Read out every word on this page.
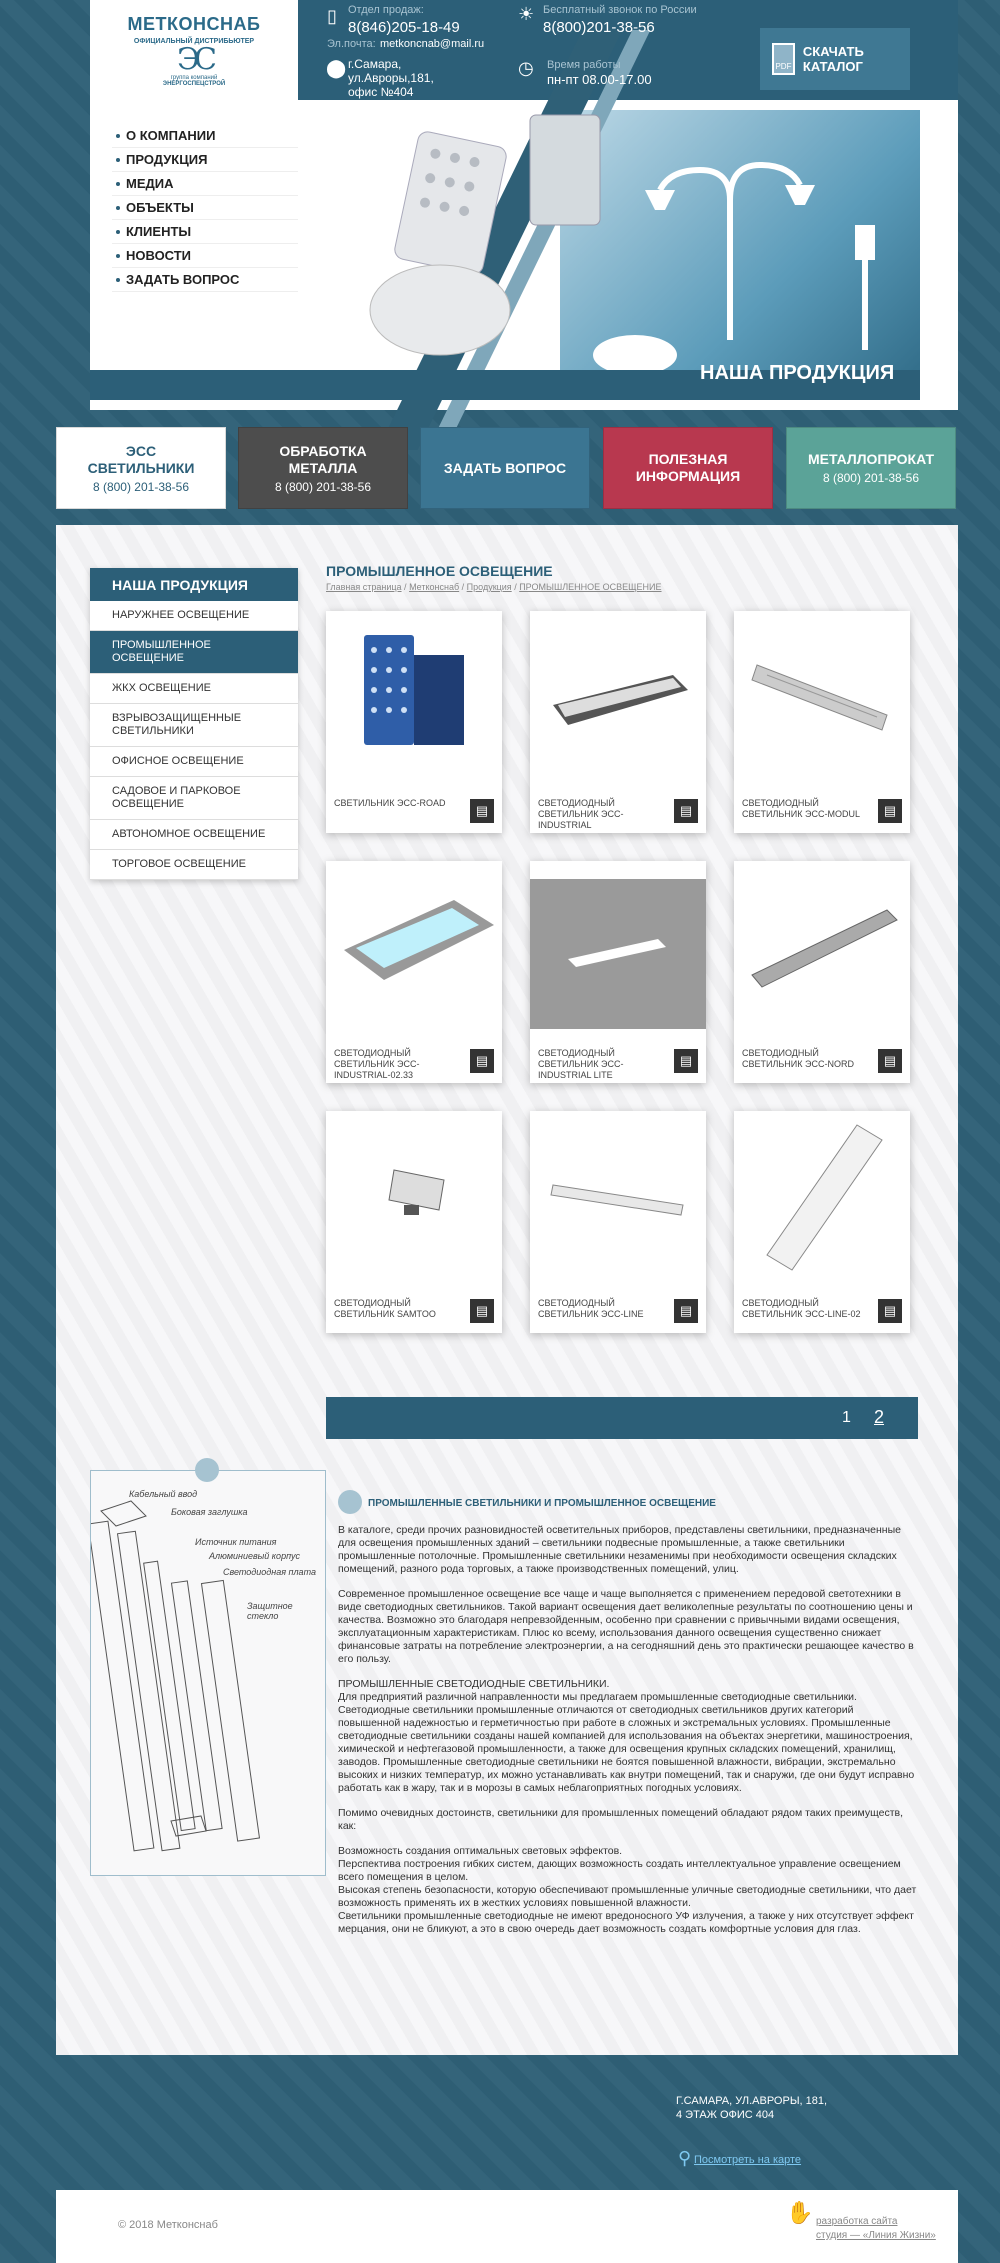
МЕТКОНСНАБ
ОФИЦИАЛЬНЫЙ ДИСТРИБЬЮТЕР
ЭС
группа компаний
ЭНЕРГОСПЕЦСТРОЙ
▯ Отдел продаж:
8(846)205-18-49
Эл.почта: metkoncnab@mail.ru
⬤ г.Самара,
ул.Авроры,181,
офис №404
☀ Бесплатный звонок по России
8(800)201-38-56
◷ Время работы
пн-пт 08.00-17.00
PDF
СКАЧАТЬ КАТАЛОГ
О КОМПАНИИ
ПРОДУКЦИЯ
МЕДИА
ОБЪЕКТЫ
КЛИЕНТЫ
НОВОСТИ
ЗАДАТЬ ВОПРОС
НАША ПРОДУКЦИЯ
ЭСС
СВЕТИЛЬНИКИ
8 (800) 201-38-56
ОБРАБОТКА
МЕТАЛЛА
8 (800) 201-38-56
ЗАДАТЬ ВОПРОС
ПОЛЕЗНАЯ
ИНФОРМАЦИЯ
МЕТАЛЛОПРОКАТ
8 (800) 201-38-56
НАША ПРОДУКЦИЯ
НАРУЖНЕЕ ОСВЕЩЕНИЕ
ПРОМЫШЛЕННОЕ ОСВЕЩЕНИЕ
ЖКХ ОСВЕЩЕНИЕ
ВЗРЫВОЗАЩИЩЕННЫЕ СВЕТИЛЬНИКИ
ОФИСНОЕ ОСВЕЩЕНИЕ
САДОВОЕ И ПАРКОВОЕ ОСВЕЩЕНИЕ
АВТОНОМНОЕ ОСВЕЩЕНИЕ
ТОРГОВОЕ ОСВЕЩЕНИЕ
ПРОМЫШЛЕННОЕ ОСВЕЩЕНИЕ
Главная страница / Метконснаб / Продукция / ПРОМЫШЛЕННОЕ ОСВЕЩЕНИЕ
СВЕТИЛЬНИК ЭСС-ROAD	▤	СВЕТОДИОДНЫЙ СВЕТИЛЬНИК ЭСС-INDUSTRIAL
▤	СВЕТОДИОДНЫЙ СВЕТИЛЬНИК ЭСС-MODUL	▤
СВЕТОДИОДНЫЙ СВЕТИЛЬНИК ЭСС-INDUSTRIAL-02.33
▤	СВЕТОДИОДНЫЙ СВЕТИЛЬНИК ЭСС-INDUSTRIAL LITE
▤	СВЕТОДИОДНЫЙ СВЕТИЛЬНИК ЭСС-NORD	▤
СВЕТОДИОДНЫЙ СВЕТИЛЬНИК SAMTOO	▤	СВЕТОДИОДНЫЙ СВЕТИЛЬНИК ЭСС-LINE	▤	СВЕТОДИОДНЫЙ СВЕТИЛЬНИК ЭСС-LINE-02	▤
1 2
Кабельный ввод
Боковая заглушка
Источник питания
Алюминиевый корпус
Светодиодная плата
Защитное стекло
ПРОМЫШЛЕННЫЕ СВЕТИЛЬНИКИ И ПРОМЫШЛЕННОЕ ОСВЕЩЕНИЕ

В каталоге, среди прочих разновидностей осветительных приборов, представлены светильники, предназначенные для освещения промышленных зданий – светильники подвесные промышленные, а также светильники промышленные потолочные. Промышленные светильники незаменимы при необходимости освещения складских помещений, разного рода торговых, а также производственных помещений, улиц.

Современное промышленное освещение все чаще и чаще выполняется с применением передовой светотехники в виде светодиодных светильников. Такой вариант освещения дает великолепные результаты по соотношению цены и качества. Возможно это благодаря непревзойденным, особенно при сравнении с привычными видами освещения, эксплуатационным характеристикам. Плюс ко всему, использования данного освещения существенно снижает финансовые затраты на потребление электроэнергии, а на сегодняшний день это практически решающее качество в его пользу.

ПРОМЫШЛЕННЫЕ СВЕТОДИОДНЫЕ СВЕТИЛЬНИКИ.
Для предприятий различной направленности мы предлагаем промышленные светодиодные светильники. Светодиодные светильники промышленные отличаются от светодиодных светильников других категорий повышенной надежностью и герметичностью при работе в сложных и экстремальных условиях. Промышленные светодиодные светильники созданы нашей компанией для использования на объектах энергетики, машиностроения, химической и нефтегазовой промышленности, а также для освещения крупных складских помещений, хранилищ, заводов. Промышленные светодиодные светильники не боятся повышенной влажности, вибрации, экстремально высоких и низких температур, их можно устанавливать как внутри помещений, так и снаружи, где они будут исправно работать как в жару, так и в морозы в самых неблагоприятных погодных условиях.

Помимо очевидных достоинств, светильники для промышленных помещений обладают рядом таких преимуществ, как:

Возможность создания оптимальных световых эффектов.
Перспектива построения гибких систем, дающих возможность создать интеллектуальное управление освещением всего помещения в целом.
Высокая степень безопасности, которую обеспечивают промышленные уличные светодиодные светильники, что дает возможность применять их в жестких условиях повышенной влажности.
Светильники промышленные светодиодные не имеют вредоносного УФ излучения, а также у них отсутствует эффект мерцания, они не бликуют, а это в свою очередь дает возможность создать комфортные условия для глаз.

Г.САМАРА, УЛ.АВРОРЫ, 181,
4 ЭТАЖ ОФИС 404
⚲ Посмотреть на карте
© 2018 Метконснаб	✋ разработка сайта
студия — «Линия Жизни»
